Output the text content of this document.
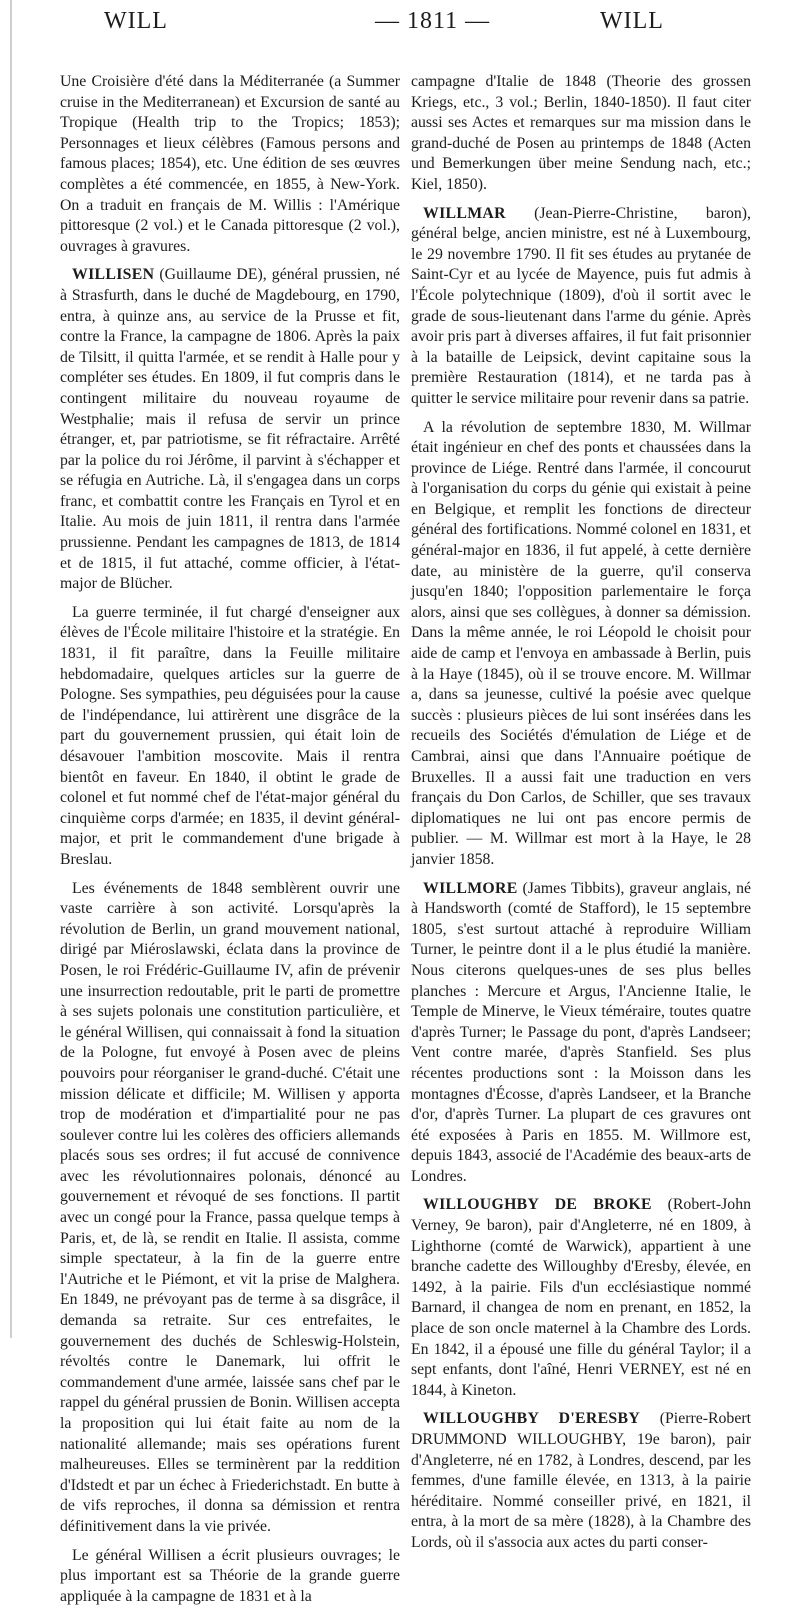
WILL	— 1811 —	WILL

Une Croisière d'été dans la Méditerranée (a Summer cruise in the Mediterranean) et Excursion de santé au Tropique (Health trip to the Tropics; 1853); Personnages et lieux célèbres (Famous persons and famous places; 1854), etc. Une édition de ses œuvres complètes a été commencée, en 1855, à New-York. On a traduit en français de M. Willis : l'Amérique pittoresque (2 vol.) et le Canada pittoresque (2 vol.), ouvrages à gravures.

WILLISEN (Guillaume DE), général prussien, né à Strasfurth, dans le duché de Magdebourg, en 1790, entra, à quinze ans, au service de la Prusse et fit, contre la France, la campagne de 1806. Après la paix de Tilsitt, il quitta l'armée, et se rendit à Halle pour y compléter ses études. En 1809, il fut compris dans le contingent militaire du nouveau royaume de Westphalie; mais il refusa de servir un prince étranger, et, par patriotisme, se fit réfractaire. Arrêté par la police du roi Jérôme, il parvint à s'échapper et se réfugia en Autriche. Là, il s'engagea dans un corps franc, et combattit contre les Français en Tyrol et en Italie. Au mois de juin 1811, il rentra dans l'armée prussienne. Pendant les campagnes de 1813, de 1814 et de 1815, il fut attaché, comme officier, à l'état-major de Blücher.

La guerre terminée, il fut chargé d'enseigner aux élèves de l'École militaire l'histoire et la stratégie. En 1831, il fit paraître, dans la Feuille militaire hebdomadaire, quelques articles sur la guerre de Pologne. Ses sympathies, peu déguisées pour la cause de l'indépendance, lui attirèrent une disgrâce de la part du gouvernement prussien, qui était loin de désavouer l'ambition moscovite. Mais il rentra bientôt en faveur. En 1840, il obtint le grade de colonel et fut nommé chef de l'état-major général du cinquième corps d'armée; en 1835, il devint général-major, et prit le commandement d'une brigade à Breslau.

Les événements de 1848 semblèrent ouvrir une vaste carrière à son activité. Lorsqu'après la révolution de Berlin, un grand mouvement national, dirigé par Miéroslawski, éclata dans la province de Posen, le roi Frédéric-Guillaume IV, afin de prévenir une insurrection redoutable, prit le parti de promettre à ses sujets polonais une constitution particulière, et le général Willisen, qui connaissait à fond la situation de la Pologne, fut envoyé à Posen avec de pleins pouvoirs pour réorganiser le grand-duché. C'était une mission délicate et difficile; M. Willisen y apporta trop de modération et d'impartialité pour ne pas soulever contre lui les colères des officiers allemands placés sous ses ordres; il fut accusé de connivence avec les révolutionnaires polonais, dénoncé au gouvernement et révoqué de ses fonctions. Il partit avec un congé pour la France, passa quelque temps à Paris, et, de là, se rendit en Italie. Il assista, comme simple spectateur, à la fin de la guerre entre l'Autriche et le Piémont, et vit la prise de Malghera. En 1849, ne prévoyant pas de terme à sa disgrâce, il demanda sa retraite. Sur ces entrefaites, le gouvernement des duchés de Schleswig-Holstein, révoltés contre le Danemark, lui offrit le commandement d'une armée, laissée sans chef par le rappel du général prussien de Bonin. Willisen accepta la proposition qui lui était faite au nom de la nationalité allemande; mais ses opérations furent malheureuses. Elles se terminèrent par la reddition d'Idstedt et par un échec à Friederichstadt. En butte à de vifs reproches, il donna sa démission et rentra définitivement dans la vie privée.

Le général Willisen a écrit plusieurs ouvrages; le plus important est sa Théorie de la grande guerre appliquée à la campagne de 1831 et à la

campagne d'Italie de 1848 (Theorie des grossen Kriegs, etc., 3 vol.; Berlin, 1840-1850). Il faut citer aussi ses Actes et remarques sur ma mission dans le grand-duché de Posen au printemps de 1848 (Acten und Bemerkungen über meine Sendung nach, etc.; Kiel, 1850).

WILLMAR (Jean-Pierre-Christine, baron), général belge, ancien ministre, est né à Luxembourg, le 29 novembre 1790. Il fit ses études au prytanée de Saint-Cyr et au lycée de Mayence, puis fut admis à l'École polytechnique (1809), d'où il sortit avec le grade de sous-lieutenant dans l'arme du génie. Après avoir pris part à diverses affaires, il fut fait prisonnier à la bataille de Leipsick, devint capitaine sous la première Restauration (1814), et ne tarda pas à quitter le service militaire pour revenir dans sa patrie.

A la révolution de septembre 1830, M. Willmar était ingénieur en chef des ponts et chaussées dans la province de Liége. Rentré dans l'armée, il concourut à l'organisation du corps du génie qui existait à peine en Belgique, et remplit les fonctions de directeur général des fortifications. Nommé colonel en 1831, et général-major en 1836, il fut appelé, à cette dernière date, au ministère de la guerre, qu'il conserva jusqu'en 1840; l'opposition parlementaire le força alors, ainsi que ses collègues, à donner sa démission. Dans la même année, le roi Léopold le choisit pour aide de camp et l'envoya en ambassade à Berlin, puis à la Haye (1845), où il se trouve encore. M. Willmar a, dans sa jeunesse, cultivé la poésie avec quelque succès : plusieurs pièces de lui sont insérées dans les recueils des Sociétés d'émulation de Liége et de Cambrai, ainsi que dans l'Annuaire poétique de Bruxelles. Il a aussi fait une traduction en vers français du Don Carlos, de Schiller, que ses travaux diplomatiques ne lui ont pas encore permis de publier. — M. Willmar est mort à la Haye, le 28 janvier 1858.

WILLMORE (James Tibbits), graveur anglais, né à Handsworth (comté de Stafford), le 15 septembre 1805, s'est surtout attaché à reproduire William Turner, le peintre dont il a le plus étudié la manière. Nous citerons quelques-unes de ses plus belles planches : Mercure et Argus, l'Ancienne Italie, le Temple de Minerve, le Vieux téméraire, toutes quatre d'après Turner; le Passage du pont, d'après Landseer; Vent contre marée, d'après Stanfield. Ses plus récentes productions sont : la Moisson dans les montagnes d'Écosse, d'après Landseer, et la Branche d'or, d'après Turner. La plupart de ces gravures ont été exposées à Paris en 1855. M. Willmore est, depuis 1843, associé de l'Académie des beaux-arts de Londres.

WILLOUGHBY DE BROKE (Robert-John Verney, 9e baron), pair d'Angleterre, né en 1809, à Lighthorne (comté de Warwick), appartient à une branche cadette des Willoughby d'Eresby, élevée, en 1492, à la pairie. Fils d'un ecclésiastique nommé Barnard, il changea de nom en prenant, en 1852, la place de son oncle maternel à la Chambre des Lords. En 1842, il a épousé une fille du général Taylor; il a sept enfants, dont l'aîné, Henri VERNEY, est né en 1844, à Kineton.

WILLOUGHBY D'ERESBY (Pierre-Robert DRUMMOND WILLOUGHBY, 19e baron), pair d'Angleterre, né en 1782, à Londres, descend, par les femmes, d'une famille élevée, en 1313, à la pairie héréditaire. Nommé conseiller privé, en 1821, il entra, à la mort de sa mère (1828), à la Chambre des Lords, où il s'associa aux actes du parti conser-
